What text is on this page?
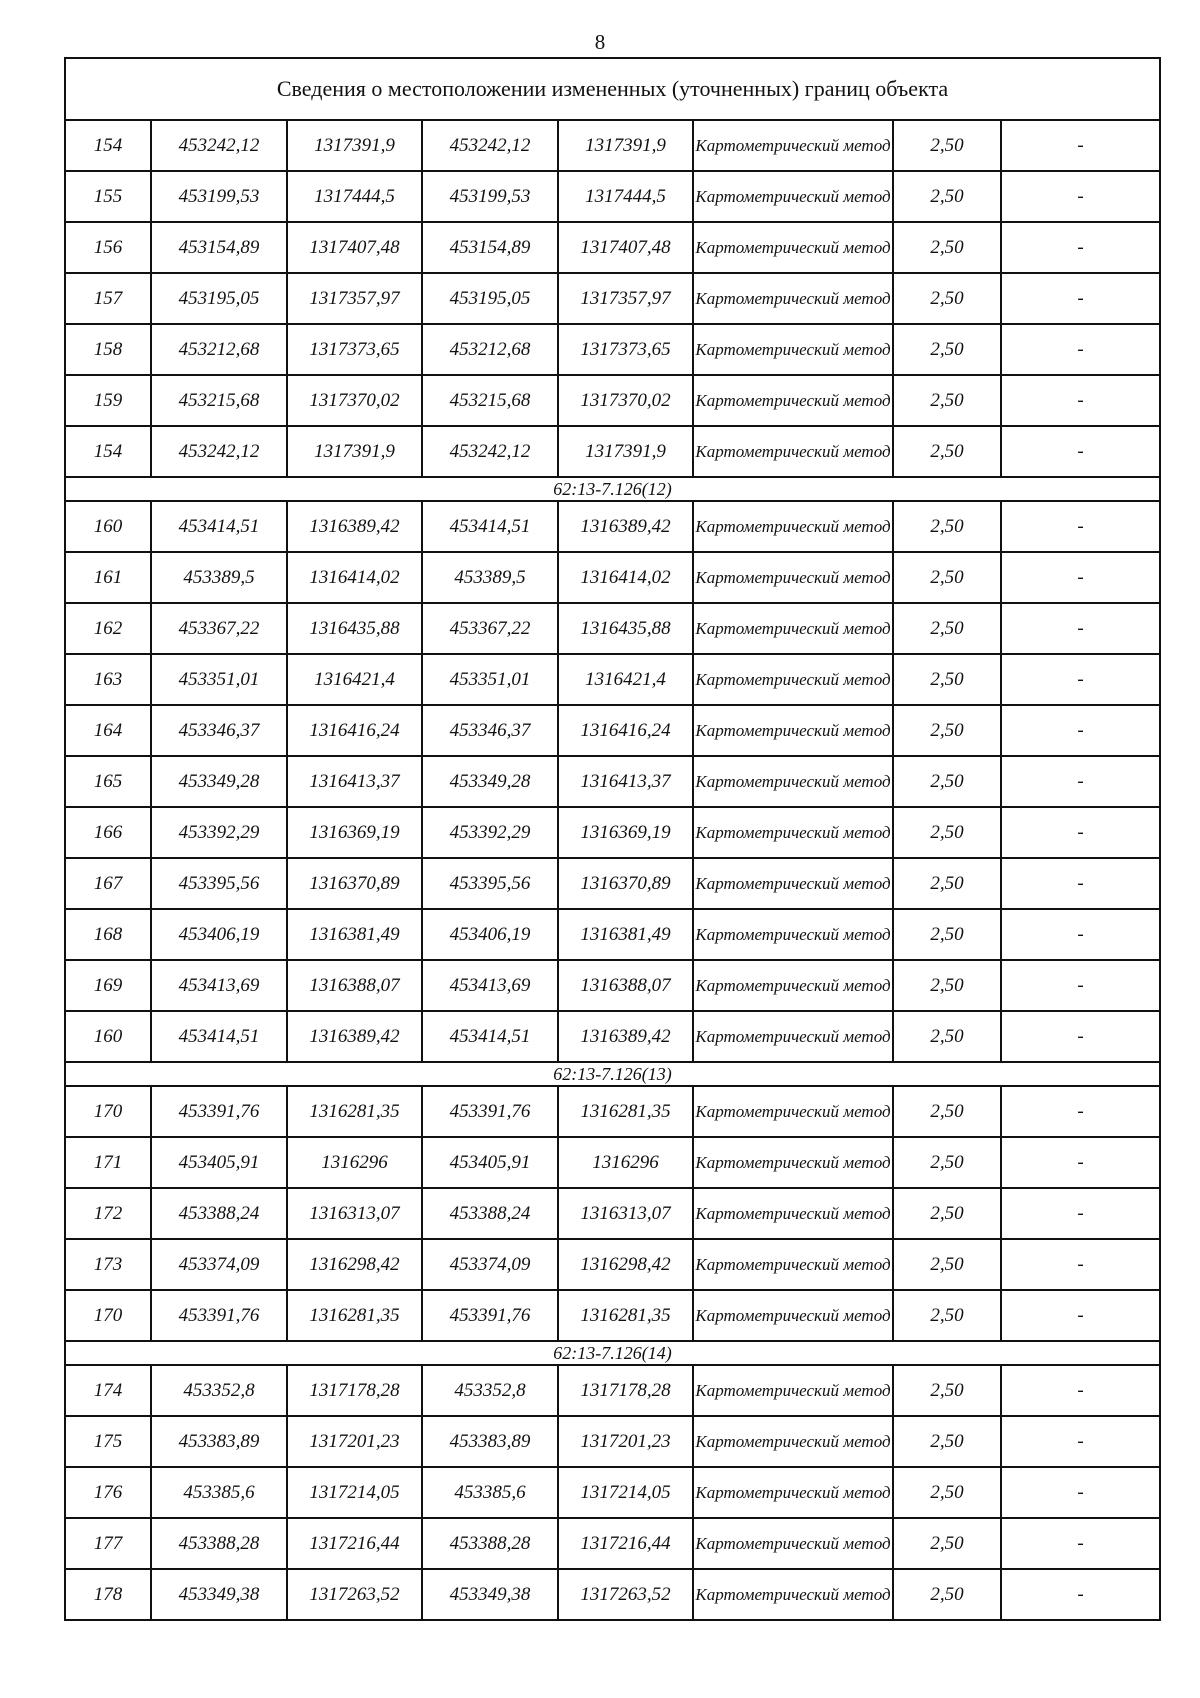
8
Сведения о местоположении измененных (уточненных) границ объекта							
154	453242,12	1317391,9	453242,12	1317391,9	Картометрический метод	2,50	-
155	453199,53	1317444,5	453199,53	1317444,5	Картометрический метод	2,50	-
156	453154,89	1317407,48	453154,89	1317407,48	Картометрический метод	2,50	-
157	453195,05	1317357,97	453195,05	1317357,97	Картометрический метод	2,50	-
158	453212,68	1317373,65	453212,68	1317373,65	Картометрический метод	2,50	-
159	453215,68	1317370,02	453215,68	1317370,02	Картометрический метод	2,50	-
154	453242,12	1317391,9	453242,12	1317391,9	Картометрический метод	2,50	-
62:13-7.126(12)							
160	453414,51	1316389,42	453414,51	1316389,42	Картометрический метод	2,50	-
161	453389,5	1316414,02	453389,5	1316414,02	Картометрический метод	2,50	-
162	453367,22	1316435,88	453367,22	1316435,88	Картометрический метод	2,50	-
163	453351,01	1316421,4	453351,01	1316421,4	Картометрический метод	2,50	-
164	453346,37	1316416,24	453346,37	1316416,24	Картометрический метод	2,50	-
165	453349,28	1316413,37	453349,28	1316413,37	Картометрический метод	2,50	-
166	453392,29	1316369,19	453392,29	1316369,19	Картометрический метод	2,50	-
167	453395,56	1316370,89	453395,56	1316370,89	Картометрический метод	2,50	-
168	453406,19	1316381,49	453406,19	1316381,49	Картометрический метод	2,50	-
169	453413,69	1316388,07	453413,69	1316388,07	Картометрический метод	2,50	-
160	453414,51	1316389,42	453414,51	1316389,42	Картометрический метод	2,50	-
62:13-7.126(13)							
170	453391,76	1316281,35	453391,76	1316281,35	Картометрический метод	2,50	-
171	453405,91	1316296	453405,91	1316296	Картометрический метод	2,50	-
172	453388,24	1316313,07	453388,24	1316313,07	Картометрический метод	2,50	-
173	453374,09	1316298,42	453374,09	1316298,42	Картометрический метод	2,50	-
170	453391,76	1316281,35	453391,76	1316281,35	Картометрический метод	2,50	-
62:13-7.126(14)							
174	453352,8	1317178,28	453352,8	1317178,28	Картометрический метод	2,50	-
175	453383,89	1317201,23	453383,89	1317201,23	Картометрический метод	2,50	-
176	453385,6	1317214,05	453385,6	1317214,05	Картометрический метод	2,50	-
177	453388,28	1317216,44	453388,28	1317216,44	Картометрический метод	2,50	-
178	453349,38	1317263,52	453349,38	1317263,52	Картометрический метод	2,50	-
